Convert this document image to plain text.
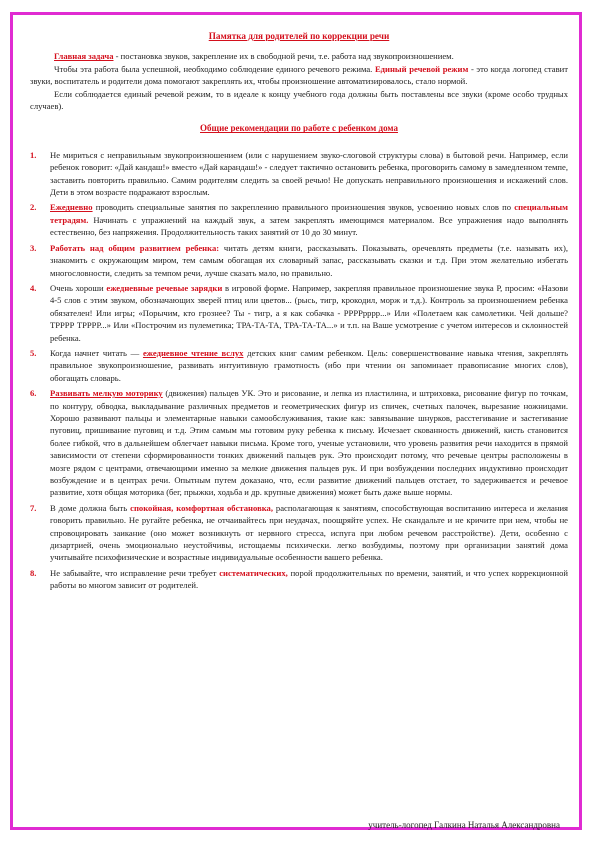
Памятка для родителей по коррекции речи

Главная задача - постановка звуков, закрепление их в свободной речи, т.е. работа над звукопроизношением.

Чтобы эта работа была успешной, необходимо соблюдение единого речевого режима. Единый речевой режим - это когда логопед ставит звуки, воспитатель и родители дома помогают закреплять их, чтобы произношение автоматизировалось, стало нормой.

Если соблюдается единый речевой режим, то в идеале к концу учебного года должны быть поставлены все звуки (кроме особо трудных случаев).

Общие рекомендации по работе с ребенком дома
1. Не мириться с неправильным звукопроизношением (или с нарушением звуко-слоговой структуры слова) в бытовой речи. Например, если ребенок говорит: «Дай кандаш!» вместо «Дай карандаш!» - следует тактично остановить ребенка, проговорить самому в замедленном темпе, заставить повторить правильно. Самим родителям следить за своей речью! Не допускать неправильного произношения и искажений слов. Дети в этом возрасте подражают взрослым.
2. Ежедневно проводить специальные занятия по закреплению правильного произношения звуков, усвоению новых слов по специальным тетрадям. Начинать с упражнений на каждый звук, а затем закреплять имеющимся материалом. Все упражнения надо выполнять естественно, без напряжения. Продолжительность таких занятий от 10 до 30 минут.
3. Работать над общим развитием ребенка: читать детям книги, рассказывать. Показывать, оречевлять предметы (т.е. называть их), знакомить с окружающим миром, тем самым обогащая их словарный запас, рассказывать сказки и т.д. При этом желательно избегать многословности, следить за темпом речи, лучше сказать мало, но правильно.
4. Очень хороши ежедневные речевые зарядки в игровой форме. Например, закрепляя правильное произношение звука Р, просим: «Назови 4-5 слов с этим звуком, обозначающих зверей птиц или цветов... (рысь, тигр, крокодил, морж и т.д.). Контроль за произношением ребенка обязателен! Или игры; «Порычим, кто грознее? Ты - тигр, а я как собачка - РРРРрррр...» Или «Полетаем как самолетики. Чей дольше? ТРРРР ТРРРР...» Или «Построчим из пулеметика; ТРА-ТА-ТА, ТРА-ТА-ТА...» и т.п. на Ваше усмотрение с учетом интересов и склонностей ребенка.
5. Когда начнет читать — ежедневное чтение вслух детских книг самим ребенком. Цель: совершенствование навыка чтения, закреплять правильное звукопроизношение, развивать интуитивную грамотность (ибо при чтении он запоминает правописание многих слов), обогащать словарь.
6. Развивать мелкую моторику (движения) пальцев УК. Это и рисование, и лепка из пластилина, и штриховка, рисование фигур по точкам, по контуру, обводка, выкладывание различных предметов и геометрических фигур из спичек, счетных палочек, вырезание ножницами. Хорошо развивают пальцы и элементарные навыки самообслуживания, такие как: завязывание шнурков, расстегивание и застегивание пуговиц, пришивание пуговиц и т.д. Этим самым мы готовим руку ребенка к письму. Исчезает скованность движений, кисть становится более гибкой, что в дальнейшем облегчает навыки письма. Кроме того, ученые установили, что уровень развития речи находится в прямой зависимости от степени сформированности тонких движений пальцев рук. Это происходит потому, что речевые центры расположены в мозге рядом с центрами, отвечающими именно за мелкие движения пальцев рук. И при возбуждении последних индуктивно происходит возбуждение и в центрах речи. Опытным путем доказано, что, если развитие движений пальцев отстает, то задерживается и речевое развитие, хотя общая моторика (бег, прыжки, ходьба и др. крупные движения) может быть даже выше нормы.
7. В доме должна быть спокойная, комфортная обстановка, располагающая к занятиям, способствующая воспитанию интереса и желания говорить правильно. Не ругайте ребенка, не отчаивайтесь при неудачах, поощряйте успех. Не скандальте и не кричите при нем, чтобы не спровоцировать заикание (оно может возникнуть от нервного стресса, испуга при любом речевом расстройстве). Дети, особенно с дизартрией, очень эмоционально неустойчивы, истощаемы психически. легко возбудимы, поэтому при организации занятий дома учитывайте психофизические и возрастные индивидуальные особенности вашего ребенка.
8. Не забывайте, что исправление речи требует систематических, порой продолжительных по времени, занятий, и что успех коррекционной работы во многом зависит от родителей.
учитель-логопед Галкина Наталья Александровна
